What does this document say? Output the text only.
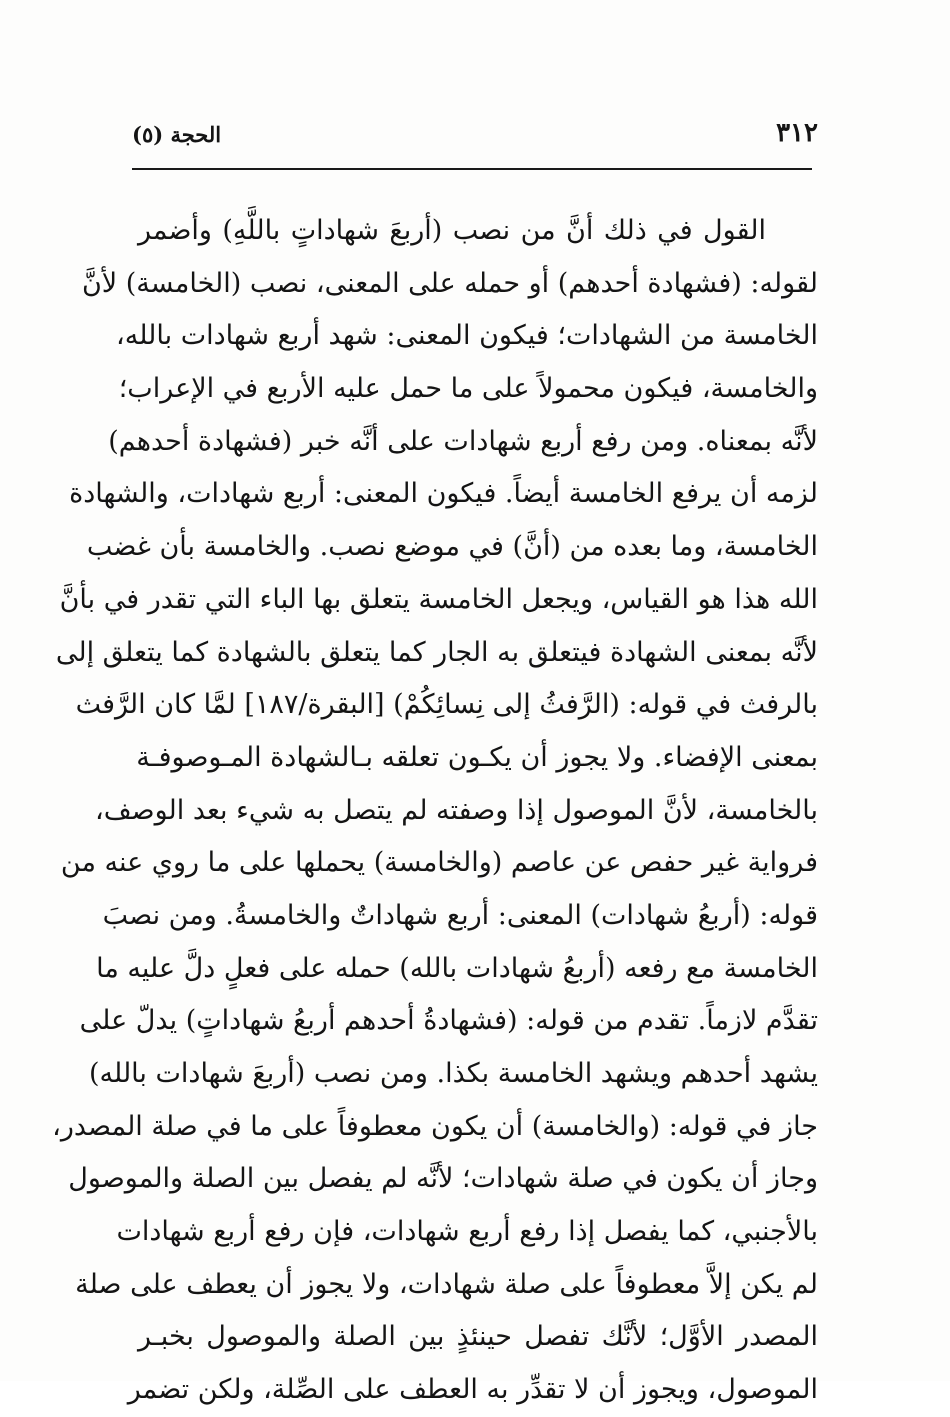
٣١٢
الحجة (٥)
القول في ذلك أنَّ من نصب (أربعَ شهاداتٍ باللَّهِ) وأضمر
لقوله: (فشهادة أحدهم) أو حمله على المعنى، نصب (الخامسة) لأنَّ
الخامسة من الشهادات؛ فيكون المعنى: شهد أربع شهادات بالله،
والخامسة، فيكون محمولاً على ما حمل عليه الأربع في الإعراب؛
لأنَّه بمعناه. ومن رفع أربع شهادات على أنَّه خبر (فشهادة أحدهم)
لزمه أن يرفع الخامسة أيضاً. فيكون المعنى: أربع شهادات، والشهادة
الخامسة، وما بعده من (أنَّ) في موضع نصب. والخامسة بأن غضب
الله هذا هو القياس، ويجعل الخامسة يتعلق بها الباء التي تقدر في بأنَّ
لأنَّه بمعنى الشهادة فيتعلق به الجار كما يتعلق بالشهادة كما يتعلق إلى
بالرفث في قوله: (الرَّفثُ إلى نِسائِكُمْ) [البقرة/١٨٧] لمَّا كان الرَّفث
بمعنى الإفضاء. ولا يجوز أن يكـون تعلقه بـالشهادة المـوصوفـة
بالخامسة، لأنَّ الموصول إذا وصفته لم يتصل به شيء بعد الوصف،
فرواية غير حفص عن عاصم (والخامسة) يحملها على ما روي عنه من
قوله: (أربعُ شهادات) المعنى: أربع شهاداتٌ والخامسةُ. ومن نصبَ
الخامسة مع رفعه (أربعُ شهادات بالله) حمله على فعلٍ دلَّ عليه ما
تقدَّم لازماً. تقدم من قوله: (فشهادةُ أحدهم أربعُ شهاداتٍ) يدلّ على
يشهد أحدهم ويشهد الخامسة بكذا. ومن نصب (أربعَ شهادات بالله)
جاز في قوله: (والخامسة) أن يكون معطوفاً على ما في صلة المصدر،
وجاز أن يكون في صلة شهادات؛ لأنَّه لم يفصل بين الصلة والموصول
بالأجنبي، كما يفصل إذا رفع أربع شهادات، فإن رفع أربع شهادات
لم يكن إلاَّ معطوفاً على صلة شهادات، ولا يجوز أن يعطف على صلة
المصدر الأوَّل؛ لأنَّك تفصل حينئذٍ بين الصلة والموصول بخبـر
الموصول، ويجوز أن لا تقدِّر به العطف على الصِّلة، ولكن تضمر
